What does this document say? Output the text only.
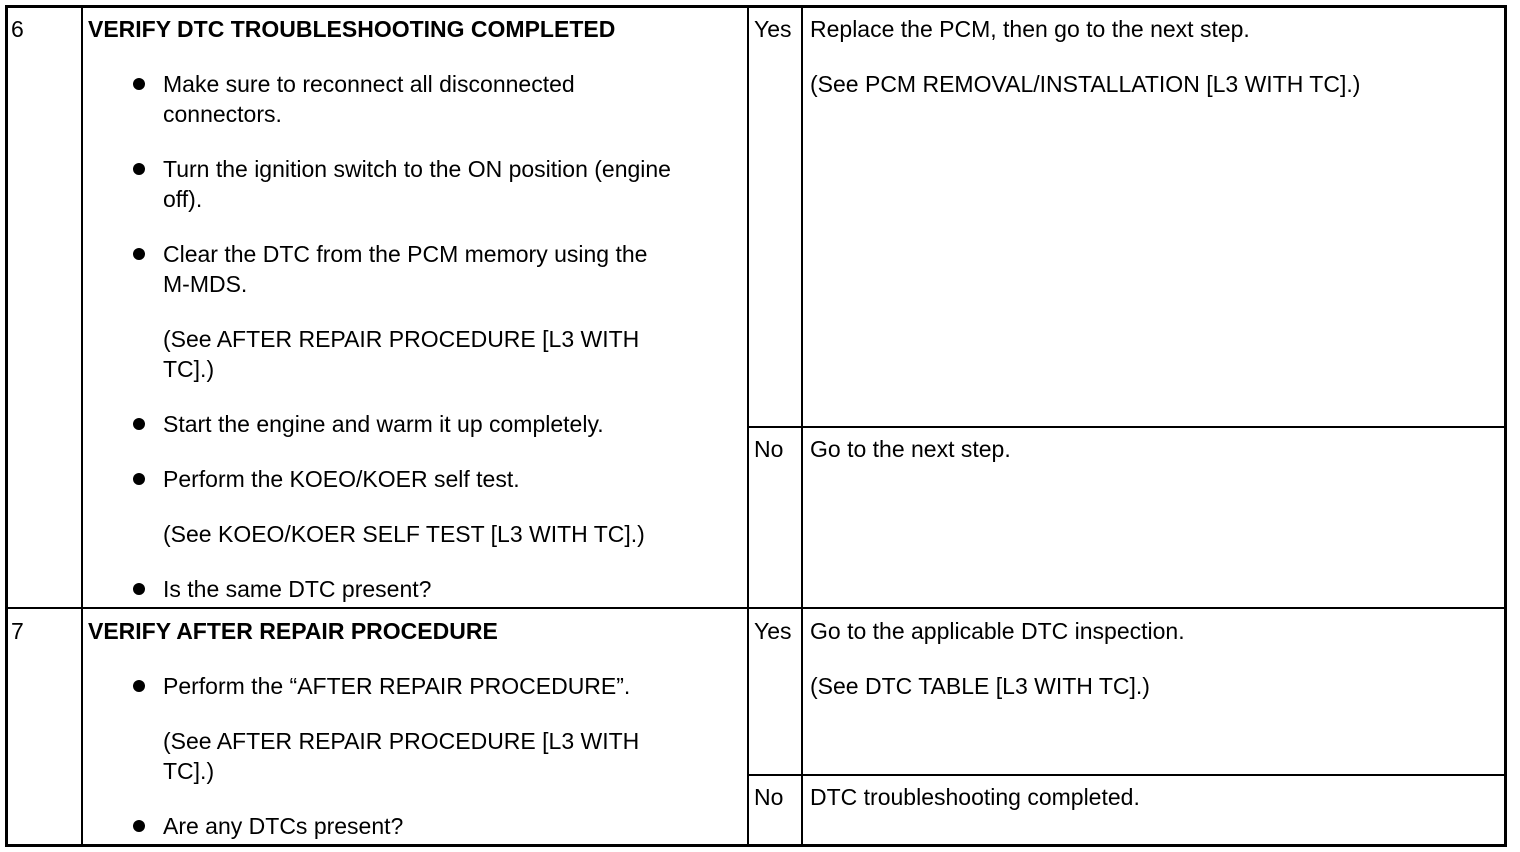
6	VERIFY DTC TROUBLESHOOTING COMPLETED
Make sure to reconnect all disconnected
connectors.
Turn the ignition switch to the ON position (engine
off).
Clear the DTC from the PCM memory using the
M-MDS.
(See AFTER REPAIR PROCEDURE [L3 WITH
TC].)
Start the engine and warm it up completely.
Perform the KOEO/KOER self test.
(See KOEO/KOER SELF TEST [L3 WITH TC].)
Is the same DTC present?
Yes Replace the PCM, then go to the next step.
(See PCM REMOVAL/INSTALLATION [L3 WITH TC].)
No Go to the next step.
7	VERIFY AFTER REPAIR PROCEDURE
Perform the “AFTER REPAIR PROCEDURE”.
(See AFTER REPAIR PROCEDURE [L3 WITH
TC].)
Are any DTCs present?
Yes Go to the applicable DTC inspection.
(See DTC TABLE [L3 WITH TC].)
No DTC troubleshooting completed.
